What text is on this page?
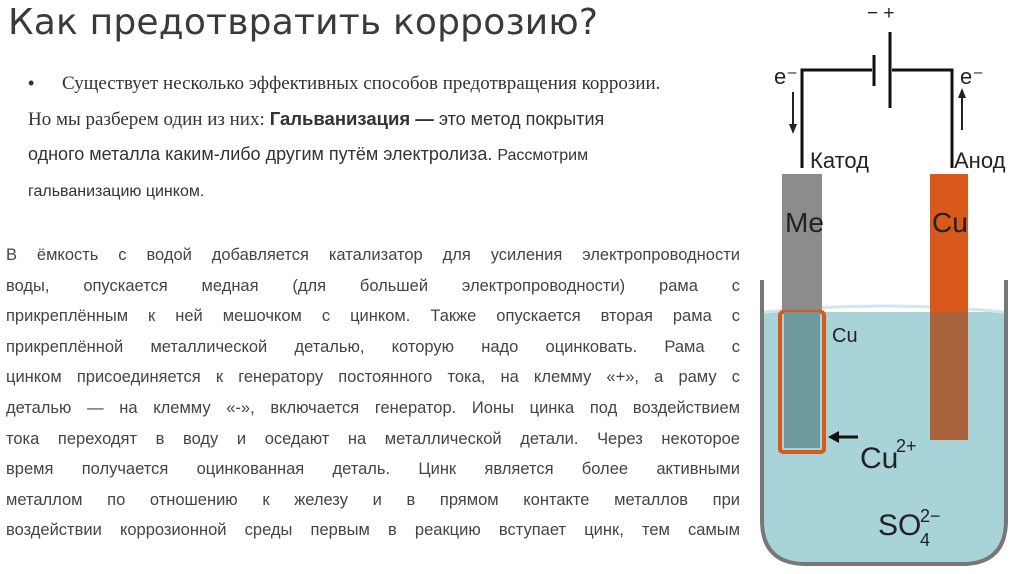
Как предотвратить коррозию?
• Существует несколько эффективных способов предотвращения коррозии.
Но мы разберем один из них: Гальванизация — это метод покрытия
одного металла каким-либо другим путём электролиза. Рассмотрим
гальванизацию цинком.
В ёмкость с водой добавляется катализатор для усиления электропроводности
воды, опускается медная (для большей электропроводности) рама с
прикреплённым к ней мешочком с цинком. Также опускается вторая рама с
прикреплённой металлической деталью, которую надо оцинковать. Рама с
цинком присоединяется к генератору постоянного тока, на клемму «+», а раму с
деталью — на клемму «-», включается генератор. Ионы цинка под воздействием
тока переходят в воду и оседают на металлической детали. Через некоторое
время получается оцинкованная деталь. Цинк является более активными
металлом по отношению к железу и в прямом контакте металлов при
воздействии коррозионной среды первым в реакцию вступает цинк, тем самым
− +
e⁻	e⁻
Катод	Анод
Me
Cu
Cu
Cu
2+
SO
4
2−
